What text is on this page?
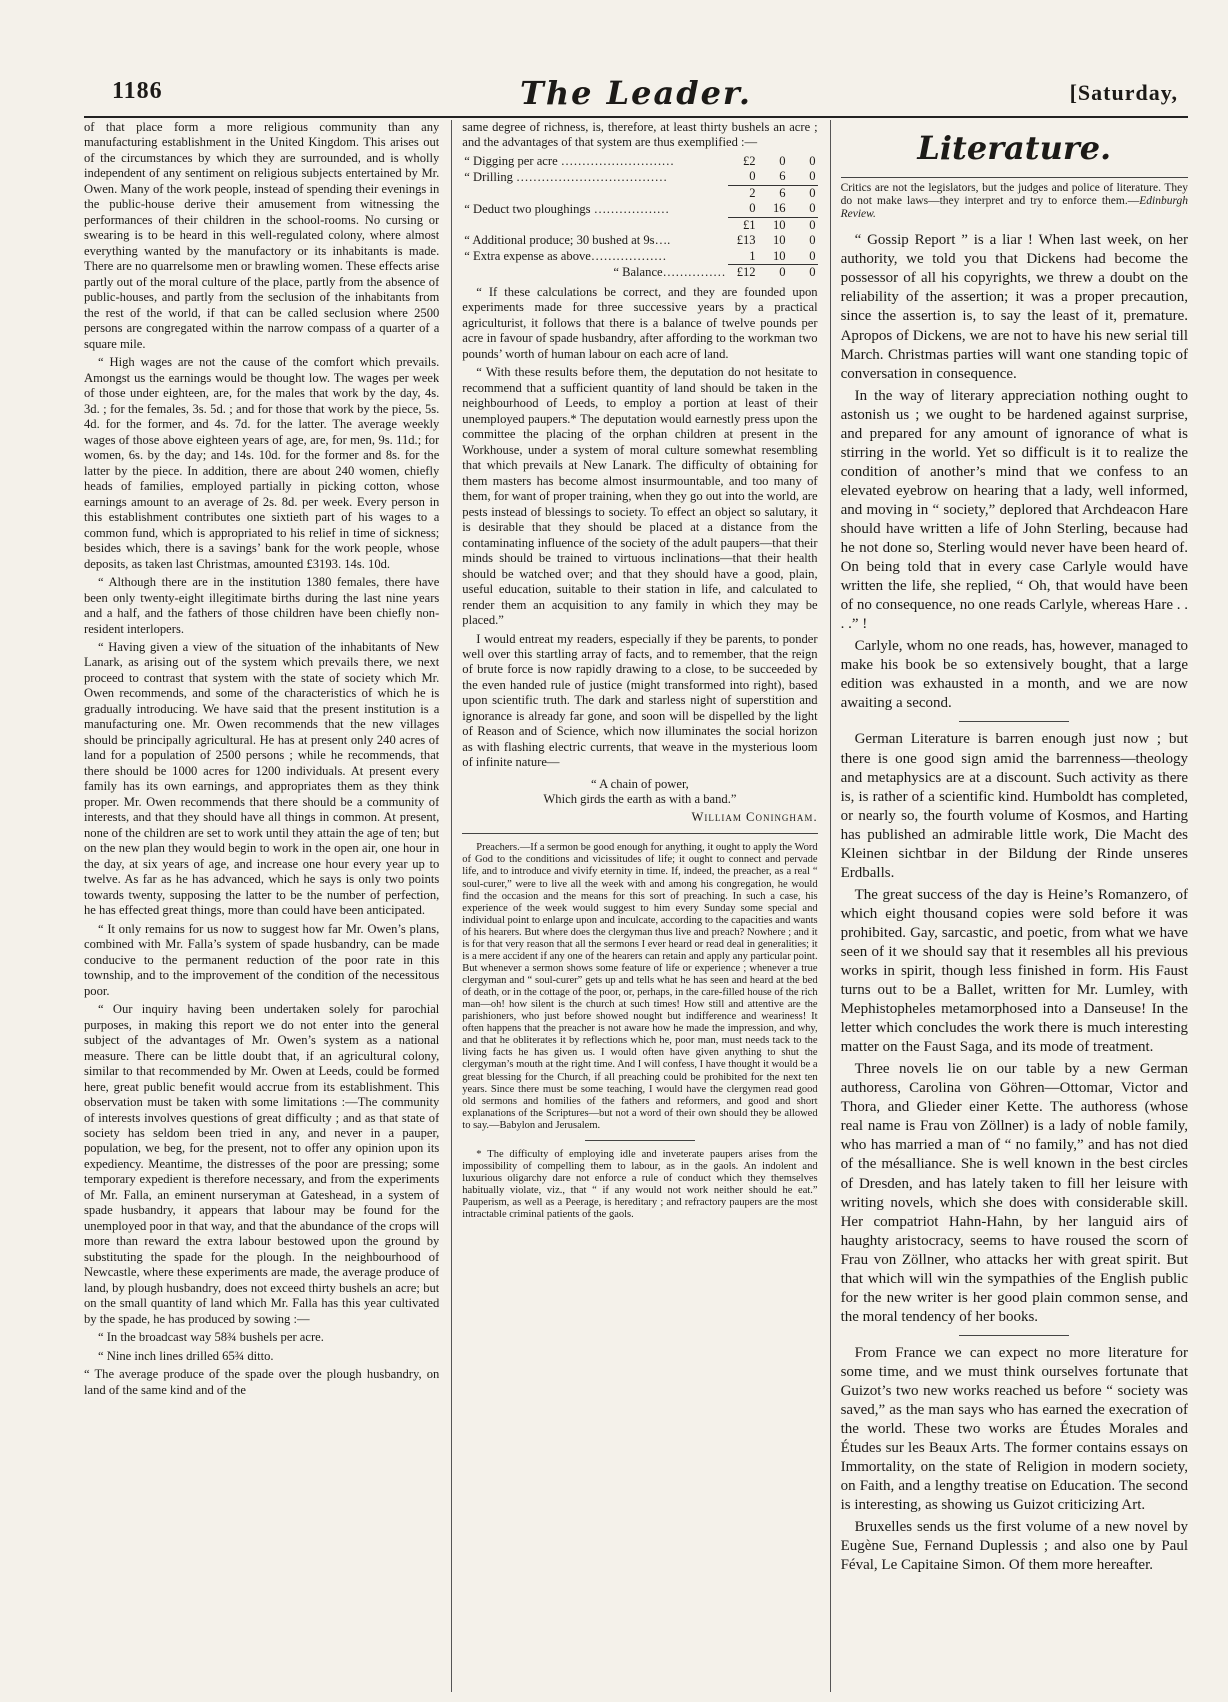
1186	The Leader.	[Saturday,

of that place form a more religious community than any manufacturing establishment in the United Kingdom. This arises out of the circumstances by which they are surrounded, and is wholly independent of any sentiment on religious subjects entertained by Mr. Owen. Many of the work people, instead of spending their evenings in the public-house derive their amusement from witnessing the performances of their children in the school-rooms. No cursing or swearing is to be heard in this well-regulated colony, where almost everything wanted by the manufactory or its inhabitants is made. There are no quarrelsome men or brawling women. These effects arise partly out of the moral culture of the place, partly from the absence of public-houses, and partly from the seclusion of the inhabitants from the rest of the world, if that can be called seclusion where 2500 persons are congregated within the narrow compass of a quarter of a square mile.

“ High wages are not the cause of the comfort which prevails. Amongst us the earnings would be thought low. The wages per week of those under eighteen, are, for the males that work by the day, 4s. 3d. ; for the females, 3s. 5d. ; and for those that work by the piece, 5s. 4d. for the former, and 4s. 7d. for the latter. The average weekly wages of those above eighteen years of age, are, for men, 9s. 11d.; for women, 6s. by the day; and 14s. 10d. for the former and 8s. for the latter by the piece. In addition, there are about 240 women, chiefly heads of families, employed partially in picking cotton, whose earnings amount to an average of 2s. 8d. per week. Every person in this establishment contributes one sixtieth part of his wages to a common fund, which is appropriated to his relief in time of sickness; besides which, there is a savings’ bank for the work people, whose deposits, as taken last Christmas, amounted £3193. 14s. 10d.

“ Although there are in the institution 1380 females, there have been only twenty-eight illegitimate births during the last nine years and a half, and the fathers of those children have been chiefly non-resident interlopers.

“ Having given a view of the situation of the inhabitants of New Lanark, as arising out of the system which prevails there, we next proceed to contrast that system with the state of society which Mr. Owen recommends, and some of the characteristics of which he is gradually introducing. We have said that the present institution is a manufacturing one. Mr. Owen recommends that the new villages should be principally agricultural. He has at present only 240 acres of land for a population of 2500 persons ; while he recommends, that there should be 1000 acres for 1200 individuals. At present every family has its own earnings, and appropriates them as they think proper. Mr. Owen recommends that there should be a community of interests, and that they should have all things in common. At present, none of the children are set to work until they attain the age of ten; but on the new plan they would begin to work in the open air, one hour in the day, at six years of age, and increase one hour every year up to twelve. As far as he has advanced, which he says is only two points towards twenty, supposing the latter to be the number of perfection, he has effected great things, more than could have been anticipated.

“ It only remains for us now to suggest how far Mr. Owen’s plans, combined with Mr. Falla’s system of spade husbandry, can be made conducive to the permanent reduction of the poor rate in this township, and to the improvement of the condition of the necessitous poor.

“ Our inquiry having been undertaken solely for parochial purposes, in making this report we do not enter into the general subject of the advantages of Mr. Owen’s system as a national measure. There can be little doubt that, if an agricultural colony, similar to that recommended by Mr. Owen at Leeds, could be formed here, great public benefit would accrue from its establishment. This observation must be taken with some limitations :—The community of interests involves questions of great difficulty ; and as that state of society has seldom been tried in any, and never in a pauper, population, we beg, for the present, not to offer any opinion upon its expediency. Meantime, the distresses of the poor are pressing; some temporary expedient is therefore necessary, and from the experiments of Mr. Falla, an eminent nurseryman at Gateshead, in a system of spade husbandry, it appears that labour may be found for the unemployed poor in that way, and that the abundance of the crops will more than reward the extra labour bestowed upon the ground by substituting the spade for the plough. In the neighbourhood of Newcastle, where these experiments are made, the average produce of land, by plough husbandry, does not exceed thirty bushels an acre; but on the small quantity of land which Mr. Falla has this year cultivated by the spade, he has produced by sowing :—

“ In the broadcast way 58¾ bushels per acre.

“ Nine inch lines drilled 65¾ ditto.

“ The average produce of the spade over the plough husbandry, on land of the same kind and of the

same degree of richness, is, therefore, at least thirty bushels an acre ; and the advantages of that system are thus exemplified :—

“ Digging per acre ………………………	£2	0	0
“ Drilling ………………………………	0	6	0
	2	6	0
“ Deduct two ploughings ………………	0	16	0
	£1	10	0
“ Additional produce; 30 bushed at 9s….	£13	10	0
“ Extra expense as above………………	1	10	0
“ Balance……………	£12	0	0

“ If these calculations be correct, and they are founded upon experiments made for three successive years by a practical agriculturist, it follows that there is a balance of twelve pounds per acre in favour of spade husbandry, after affording to the workman two pounds’ worth of human labour on each acre of land.

“ With these results before them, the deputation do not hesitate to recommend that a sufficient quantity of land should be taken in the neighbourhood of Leeds, to employ a portion at least of their unemployed paupers.* The deputation would earnestly press upon the committee the placing of the orphan children at present in the Workhouse, under a system of moral culture somewhat resembling that which prevails at New Lanark. The difficulty of obtaining for them masters has become almost insurmountable, and too many of them, for want of proper training, when they go out into the world, are pests instead of blessings to society. To effect an object so salutary, it is desirable that they should be placed at a distance from the contaminating influence of the society of the adult paupers—that their minds should be trained to virtuous inclinations—that their health should be watched over; and that they should have a good, plain, useful education, suitable to their station in life, and calculated to render them an acquisition to any family in which they may be placed.”

I would entreat my readers, especially if they be parents, to ponder well over this startling array of facts, and to remember, that the reign of brute force is now rapidly drawing to a close, to be succeeded by the even handed rule of justice (might transformed into right), based upon scientific truth. The dark and starless night of superstition and ignorance is already far gone, and soon will be dispelled by the light of Reason and of Science, which now illuminates the social horizon as with flashing electric currents, that weave in the mysterious loom of infinite nature—

“ A chain of power,
Which girds the earth as with a band.”
William Coningham.

Preachers.—If a sermon be good enough for anything, it ought to apply the Word of God to the conditions and vicissitudes of life; it ought to connect and pervade life, and to introduce and vivify eternity in time. If, indeed, the preacher, as a real “ soul-curer,” were to live all the week with and among his congregation, he would find the occasion and the means for this sort of preaching. In such a case, his experience of the week would suggest to him every Sunday some special and individual point to enlarge upon and inculcate, according to the capacities and wants of his hearers. But where does the clergyman thus live and preach? Nowhere ; and it is for that very reason that all the sermons I ever heard or read deal in generalities; it is a mere accident if any one of the hearers can retain and apply any particular point. But whenever a sermon shows some feature of life or experience ; whenever a true clergyman and “ soul-curer” gets up and tells what he has seen and heard at the bed of death, or in the cottage of the poor, or, perhaps, in the care-filled house of the rich man—oh! how silent is the church at such times! How still and attentive are the parishioners, who just before showed nought but indifference and weariness! It often happens that the preacher is not aware how he made the impression, and why, and that he obliterates it by reflections which he, poor man, must needs tack to the living facts he has given us. I would often have given anything to shut the clergyman’s mouth at the right time. And I will confess, I have thought it would be a great blessing for the Church, if all preaching could be prohibited for the next ten years. Since there must be some teaching, I would have the clergymen read good old sermons and homilies of the fathers and reformers, and good and short explanations of the Scriptures—but not a word of their own should they be allowed to say.—Babylon and Jerusalem.

* The difficulty of employing idle and inveterate paupers arises from the impossibility of compelling them to labour, as in the gaols. An indolent and luxurious oligarchy dare not enforce a rule of conduct which they themselves habitually violate, viz., that “ if any would not work neither should he eat.” Pauperism, as well as a Peerage, is hereditary ; and refractory paupers are the most intractable criminal patients of the gaols.

Literature.
Critics are not the legislators, but the judges and police of literature. They do not make laws—they interpret and try to enforce them.—Edinburgh Review.

“ Gossip Report ” is a liar ! When last week, on her authority, we told you that Dickens had become the possessor of all his copyrights, we threw a doubt on the reliability of the assertion; it was a proper precaution, since the assertion is, to say the least of it, premature. Apropos of Dickens, we are not to have his new serial till March. Christmas parties will want one standing topic of conversation in consequence.

In the way of literary appreciation nothing ought to astonish us ; we ought to be hardened against surprise, and prepared for any amount of ignorance of what is stirring in the world. Yet so difficult is it to realize the condition of another’s mind that we confess to an elevated eyebrow on hearing that a lady, well informed, and moving in “ society,” deplored that Archdeacon Hare should have written a life of John Sterling, because had he not done so, Sterling would never have been heard of. On being told that in every case Carlyle would have written the life, she replied, “ Oh, that would have been of no consequence, no one reads Carlyle, whereas Hare . . . .” !

Carlyle, whom no one reads, has, however, managed to make his book be so extensively bought, that a large edition was exhausted in a month, and we are now awaiting a second.

German Literature is barren enough just now ; but there is one good sign amid the barrenness—theology and metaphysics are at a discount. Such activity as there is, is rather of a scientific kind. Humboldt has completed, or nearly so, the fourth volume of Kosmos, and Harting has published an admirable little work, Die Macht des Kleinen sichtbar in der Bildung der Rinde unseres Erdballs.

The great success of the day is Heine’s Romanzero, of which eight thousand copies were sold before it was prohibited. Gay, sarcastic, and poetic, from what we have seen of it we should say that it resembles all his previous works in spirit, though less finished in form. His Faust turns out to be a Ballet, written for Mr. Lumley, with Mephistopheles metamorphosed into a Danseuse! In the letter which concludes the work there is much interesting matter on the Faust Saga, and its mode of treatment.

Three novels lie on our table by a new German authoress, Carolina von Göhren—Ottomar, Victor and Thora, and Glieder einer Kette. The authoress (whose real name is Frau von Zöllner) is a lady of noble family, who has married a man of “ no family,” and has not died of the mésalliance. She is well known in the best circles of Dresden, and has lately taken to fill her leisure with writing novels, which she does with considerable skill. Her compatriot Hahn-Hahn, by her languid airs of haughty aristocracy, seems to have roused the scorn of Frau von Zöllner, who attacks her with great spirit. But that which will win the sympathies of the English public for the new writer is her good plain common sense, and the moral tendency of her books.

From France we can expect no more literature for some time, and we must think ourselves fortunate that Guizot’s two new works reached us before “ society was saved,” as the man says who has earned the execration of the world. These two works are Études Morales and Études sur les Beaux Arts. The former contains essays on Immortality, on the state of Religion in modern society, on Faith, and a lengthy treatise on Education. The second is interesting, as showing us Guizot criticizing Art.

Bruxelles sends us the first volume of a new novel by Eugène Sue, Fernand Duplessis ; and also one by Paul Féval, Le Capitaine Simon. Of them more hereafter.
